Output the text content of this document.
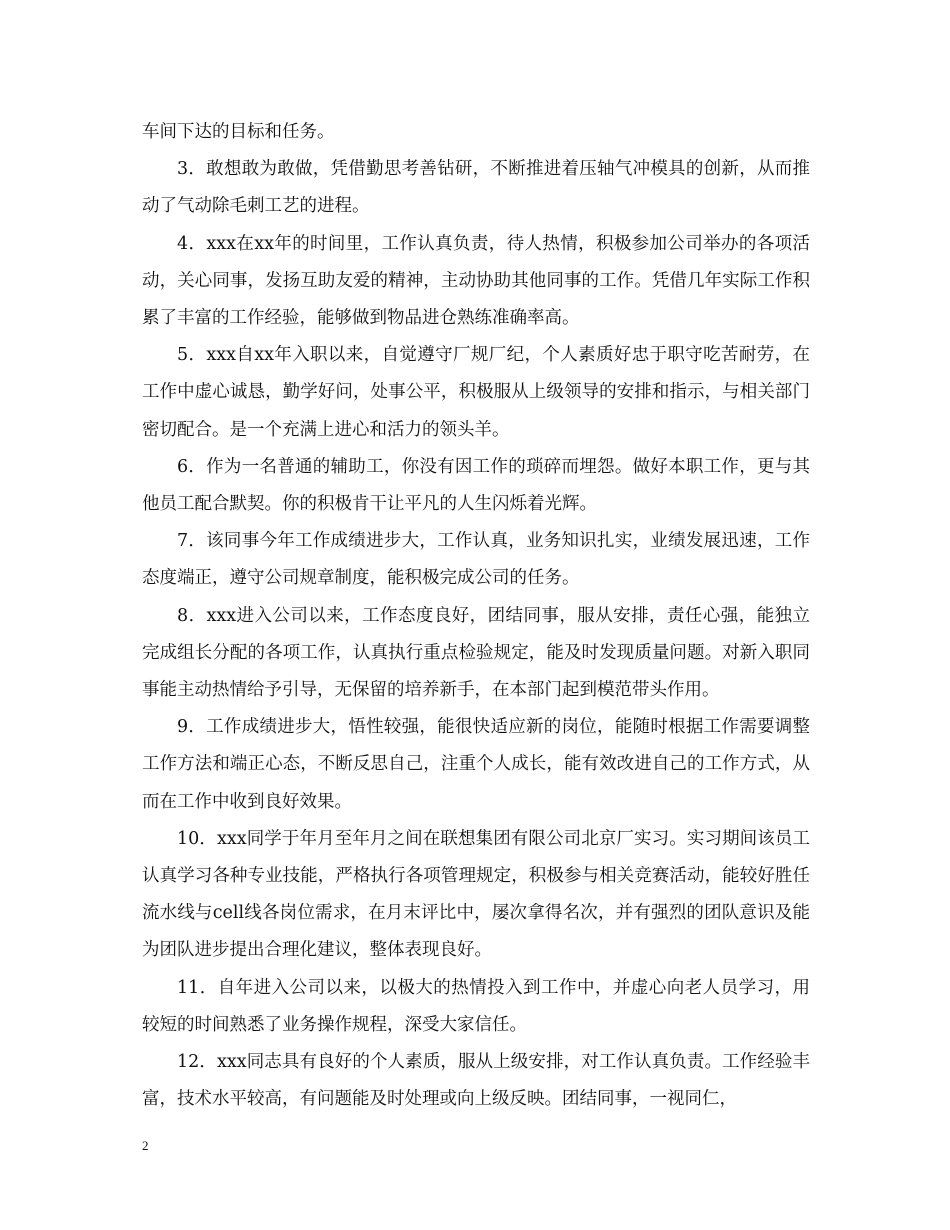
车间下达的目标和任务。

3．敢想敢为敢做，凭借勤思考善钻研，不断推进着压轴气冲模具的创新，从而推动了气动除毛刺工艺的进程。

4．xxx在xx年的时间里，工作认真负责，待人热情，积极参加公司举办的各项活动，关心同事，发扬互助友爱的精神，主动协助其他同事的工作。凭借几年实际工作积累了丰富的工作经验，能够做到物品进仓熟练准确率高。

5．xxx自xx年入职以来，自觉遵守厂规厂纪，个人素质好忠于职守吃苦耐劳，在工作中虚心诚恳，勤学好问，处事公平，积极服从上级领导的安排和指示，与相关部门密切配合。是一个充满上进心和活力的领头羊。

6．作为一名普通的辅助工，你没有因工作的琐碎而埋怨。做好本职工作，更与其他员工配合默契。你的积极肯干让平凡的人生闪烁着光辉。

7．该同事今年工作成绩进步大，工作认真，业务知识扎实，业绩发展迅速，工作态度端正，遵守公司规章制度，能积极完成公司的任务。

8．xxx进入公司以来，工作态度良好，团结同事，服从安排，责任心强，能独立完成组长分配的各项工作，认真执行重点检验规定，能及时发现质量问题。对新入职同事能主动热情给予引导，无保留的培养新手，在本部门起到模范带头作用。

9．工作成绩进步大，悟性较强，能很快适应新的岗位，能随时根据工作需要调整工作方法和端正心态，不断反思自己，注重个人成长，能有效改进自己的工作方式，从而在工作中收到良好效果。

10．xxx同学于年月至年月之间在联想集团有限公司北京厂实习。实习期间该员工认真学习各种专业技能，严格执行各项管理规定，积极参与相关竞赛活动，能较好胜任流水线与cell线各岗位需求，在月末评比中，屡次拿得名次，并有强烈的团队意识及能为团队进步提出合理化建议，整体表现良好。

11．自年进入公司以来，以极大的热情投入到工作中，并虚心向老人员学习，用较短的时间熟悉了业务操作规程，深受大家信任。

12．xxx同志具有良好的个人素质，服从上级安排，对工作认真负责。工作经验丰富，技术水平较高，有问题能及时处理或向上级反映。团结同事，一视同仁，

2
